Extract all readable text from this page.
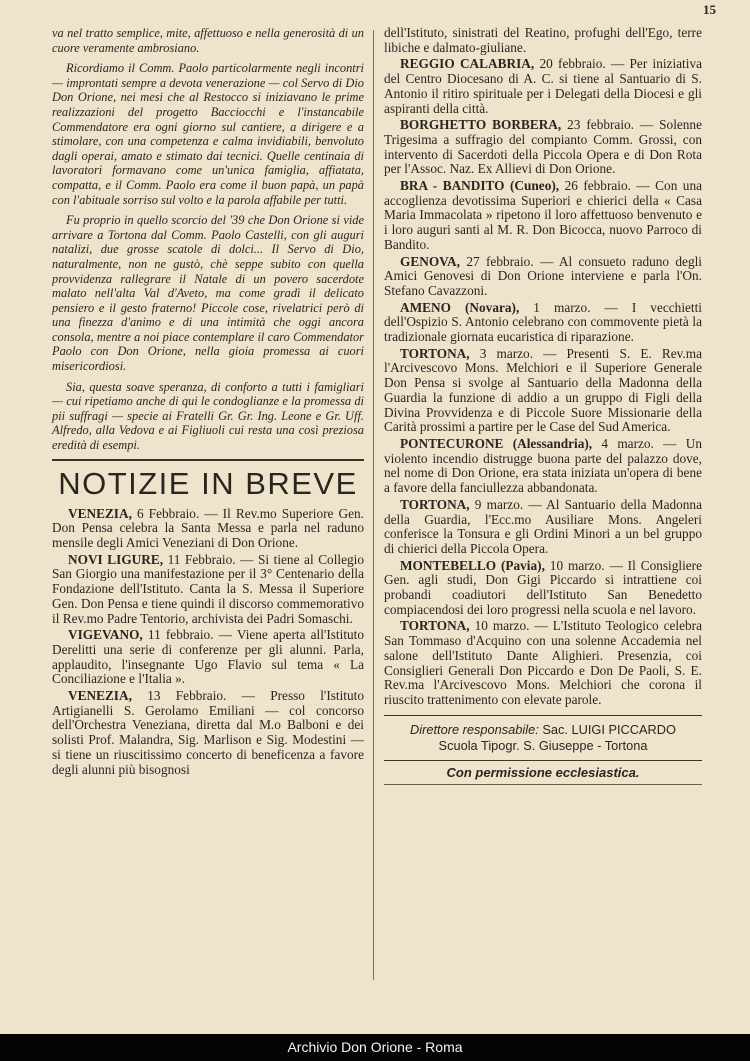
15

va nel tratto semplice, mite, affettuoso e nella generosità di un cuore veramente ambrosiano.

Ricordiamo il Comm. Paolo particolarmente negli incontri — improntati sempre a devota venerazione — col Servo di Dio Don Orione, nei mesi che al Restocco si iniziavano le prime realizzazioni del progetto Bacciocchi e l'instancabile Commendatore era ogni giorno sul cantiere, a dirigere e a stimolare, con una competenza e calma invidiabili, benvoluto dagli operai, amato e stimato dai tecnici. Quelle centinaia di lavoratori formavano come un'unica famiglia, affiatata, compatta, e il Comm. Paolo era come il buon papà, un papà con l'abituale sorriso sul volto e la parola affabile per tutti.

Fu proprio in quello scorcio del '39 che Don Orione si vide arrivare a Tortona dal Comm. Paolo Castelli, con gli auguri natalizi, due grosse scatole di dolci... Il Servo di Dio, naturalmente, non ne gustò, chè seppe subito con quella provvidenza rallegrare il Natale di un povero sacerdote malato nell'alta Val d'Aveto, ma come gradì il delicato pensiero e il gesto fraterno! Piccole cose, rivelatrici però di una finezza d'animo e di una intimità che oggi ancora consola, mentre a noi piace contemplare il caro Commendator Paolo con Don Orione, nella gioia promessa ai cuori misericordiosi.

Sia, questa soave speranza, di conforto a tutti i famigliari — cui ripetiamo anche di qui le condoglianze e la promessa di pii suffragi — specie ai Fratelli Gr. Gr. Ing. Leone e Gr. Uff. Alfredo, alla Vedova e ai Figliuoli cui resta una così preziosa eredità di esempi.

NOTIZIE IN BREVE

VENEZIA, 6 Febbraio. — Il Rev.mo Superiore Gen. Don Pensa celebra la Santa Messa e parla nel raduno mensile degli Amici Veneziani di Don Orione.

NOVI LIGURE, 11 Febbraio. — Si tiene al Collegio San Giorgio una manifestazione per il 3° Centenario della Fondazione dell'Istituto. Canta la S. Messa il Superiore Gen. Don Pensa e tiene quindi il discorso commemorativo il Rev.mo Padre Tentorio, archivista dei Padri Somaschi.

VIGEVANO, 11 febbraio. — Viene aperta all'Istituto Derelitti una serie di conferenze per gli alunni. Parla, applaudito, l'insegnante Ugo Flavio sul tema « La Conciliazione e l'Italia ».

VENEZIA, 13 Febbraio. — Presso l'Istituto Artigianelli S. Gerolamo Emiliani — col concorso dell'Orchestra Veneziana, diretta dal M.o Balboni e dei solisti Prof. Malandra, Sig. Marlison e Sig. Modestini — si tiene un riuscitissimo concerto di beneficenza a favore degli alunni più bisognosi

dell'Istituto, sinistrati del Reatino, profughi dell'Ego, terre libiche e dalmato-giuliane.

REGGIO CALABRIA, 20 febbraio. — Per iniziativa del Centro Diocesano di A. C. si tiene al Santuario di S. Antonio il ritiro spirituale per i Delegati della Diocesi e gli aspiranti della città.

BORGHETTO BORBERA, 23 febbraio. — Solenne Trigesima a suffragio del compianto Comm. Grossi, con intervento di Sacerdoti della Piccola Opera e di Don Rota per l'Assoc. Naz. Ex Allievi di Don Orione.

BRA - BANDITO (Cuneo), 26 febbraio. — Con una accoglienza devotissima Superiori e chierici della « Casa Maria Immacolata » ripetono il loro affettuoso benvenuto e i loro auguri santi al M. R. Don Bicocca, nuovo Parroco di Bandito.

GENOVA, 27 febbraio. — Al consueto raduno degli Amici Genovesi di Don Orione interviene e parla l'On. Stefano Cavazzoni.

AMENO (Novara), 1 marzo. — I vecchietti dell'Ospizio S. Antonio celebrano con commovente pietà la tradizionale giornata eucaristica di riparazione.

TORTONA, 3 marzo. — Presenti S. E. Rev.ma l'Arcivescovo Mons. Melchiori e il Superiore Generale Don Pensa si svolge al Santuario della Madonna della Guardia la funzione di addio a un gruppo di Figli della Divina Provvidenza e di Piccole Suore Missionarie della Carità prossimi a partire per le Case del Sud America.

PONTECURONE (Alessandria), 4 marzo. — Un violento incendio distrugge buona parte del palazzo dove, nel nome di Don Orione, era stata iniziata un'opera di bene a favore della fanciullezza abbandonata.

TORTONA, 9 marzo. — Al Santuario della Madonna della Guardia, l'Ecc.mo Ausiliare Mons. Angeleri conferisce la Tonsura e gli Ordini Minori a un bel gruppo di chierici della Piccola Opera.

MONTEBELLO (Pavia), 10 marzo. — Il Consigliere Gen. agli studi, Don Gigi Piccardo si intrattiene coi probandi coadiutori dell'Istituto San Benedetto compiacendosi dei loro progressi nella scuola e nel lavoro.

TORTONA, 10 marzo. — L'Istituto Teologico celebra San Tommaso d'Acquino con una solenne Accademia nel salone dell'Istituto Dante Alighieri. Presenzia, coi Consiglieri Generali Don Piccardo e Don De Paoli, S. E. Rev.ma l'Arcivescovo Mons. Melchiori che corona il riuscito trattenimento con elevate parole.

Direttore responsabile: Sac. LUIGI PICCARDO
Scuola Tipogr. S. Giuseppe - Tortona
Con permissione ecclesiastica.
Archivio Don Orione - Roma
